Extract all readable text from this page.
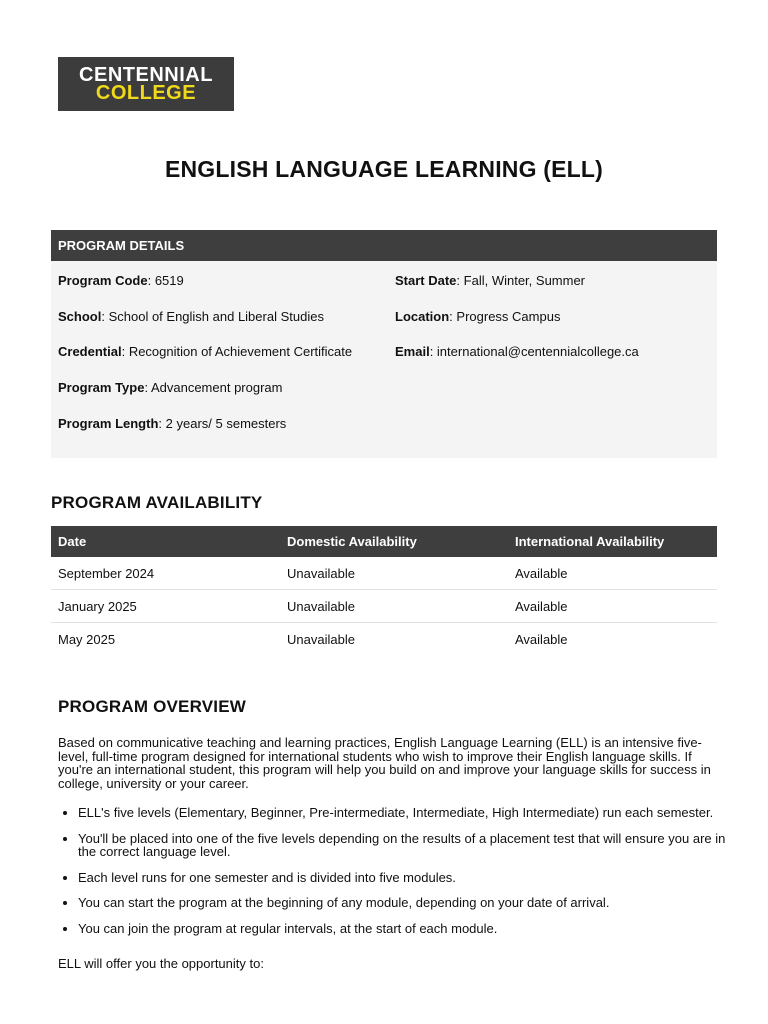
CENTENNIAL
COLLEGE
ENGLISH LANGUAGE LEARNING (ELL)
PROGRAM DETAILS
Program Code: 6519
School: School of English and Liberal Studies
Credential: Recognition of Achievement Certificate
Program Type: Advancement program
Program Length: 2 years/ 5 semesters
Start Date: Fall, Winter, Summer
Location: Progress Campus
Email: international@centennialcollege.ca
PROGRAM AVAILABILITY
Date	Domestic Availability	International Availability
September 2024	Unavailable	Available
January 2025	Unavailable	Available
May 2025	Unavailable	Available
PROGRAM OVERVIEW

Based on communicative teaching and learning practices, English Language Learning (ELL) is an intensive five-level, full-time program designed for international students who wish to improve their English language skills. If you're an international student, this program will help you build on and improve your language skills for success in college, university or your career.

• ELL's five levels (Elementary, Beginner, Pre-intermediate, Intermediate, High Intermediate) run each semester.
• You'll be placed into one of the five levels depending on the results of a placement test that will ensure you are in the correct language level.
• Each level runs for one semester and is divided into five modules.
• You can start the program at the beginning of any module, depending on your date of arrival.
• You can join the program at regular intervals, at the start of each module.

ELL will offer you the opportunity to:
